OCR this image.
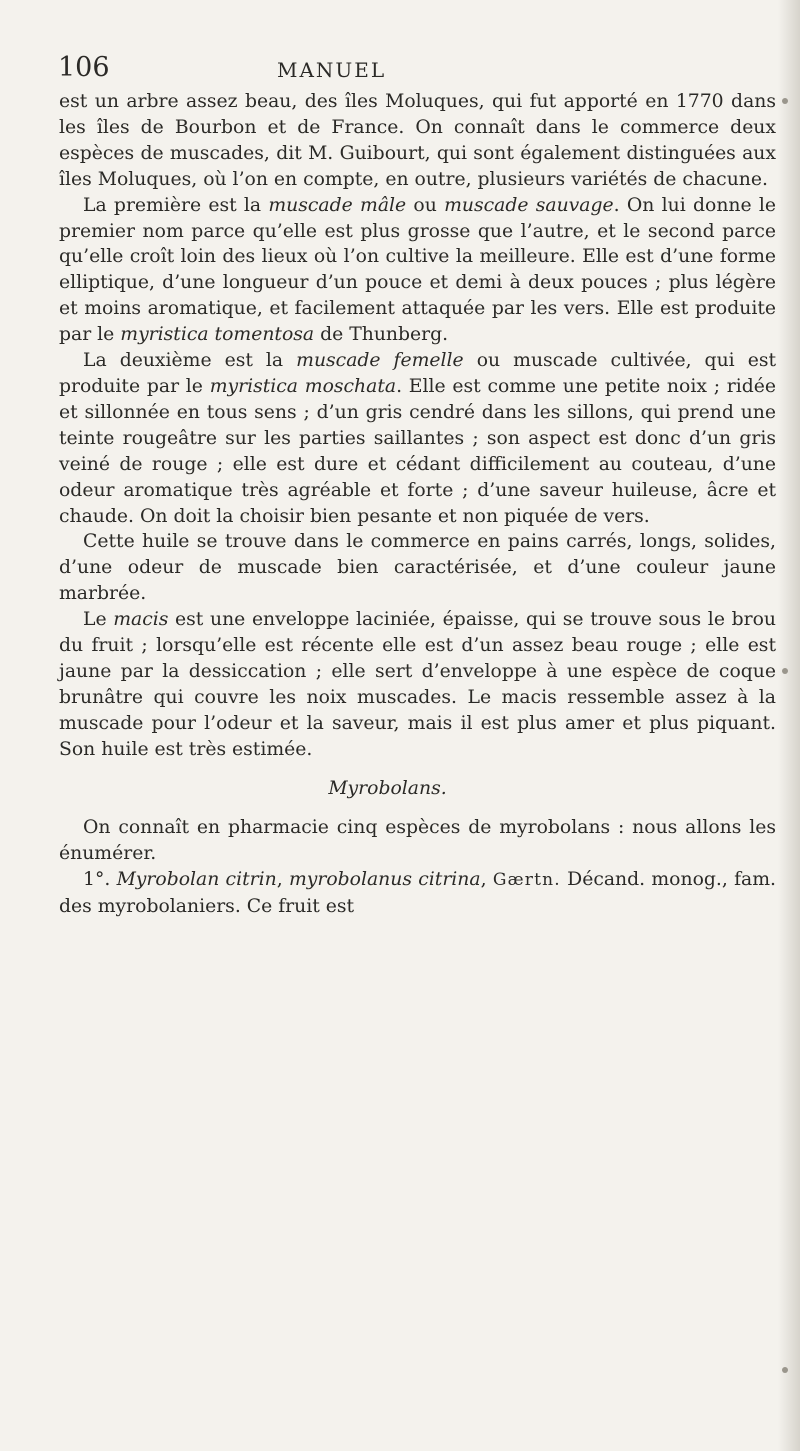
106	MANUEL

est un arbre assez beau, des îles Moluques, qui fut apporté en 1770 dans les îles de Bourbon et de France. On connaît dans le commerce deux espèces de muscades, dit M. Guibourt, qui sont également distinguées aux îles Moluques, où l’on en compte, en outre, plusieurs variétés de chacune.

La première est la muscade mâle ou muscade sauvage. On lui donne le premier nom parce qu’elle est plus grosse que l’autre, et le second parce qu’elle croît loin des lieux où l’on cultive la meilleure. Elle est d’une forme elliptique, d’une longueur d’un pouce et demi à deux pouces ; plus légère et moins aromatique, et facilement attaquée par les vers. Elle est produite par le myristica tomentosa de Thunberg.

La deuxième est la muscade femelle ou muscade cultivée, qui est produite par le myristica moschata. Elle est comme une petite noix ; ridée et sillonnée en tous sens ; d’un gris cendré dans les sillons, qui prend une teinte rougeâtre sur les parties saillantes ; son aspect est donc d’un gris veiné de rouge ; elle est dure et cédant difficilement au couteau, d’une odeur aromatique très agréable et forte ; d’une saveur huileuse, âcre et chaude. On doit la choisir bien pesante et non piquée de vers.

Cette huile se trouve dans le commerce en pains carrés, longs, solides, d’une odeur de muscade bien caractérisée, et d’une couleur jaune marbrée.

Le macis est une enveloppe laciniée, épaisse, qui se trouve sous le brou du fruit ; lorsqu’elle est récente elle est d’un assez beau rouge ; elle est jaune par la dessiccation ; elle sert d’enveloppe à une espèce de coque brunâtre qui couvre les noix muscades. Le macis ressemble assez à la muscade pour l’odeur et la saveur, mais il est plus amer et plus piquant. Son huile est très estimée.

Myrobolans.

On connaît en pharmacie cinq espèces de myrobolans : nous allons les énumérer.

1°. Myrobolan citrin, myrobolanus citrina, Gærtn. Décand. monog., fam. des myrobolaniers. Ce fruit est
